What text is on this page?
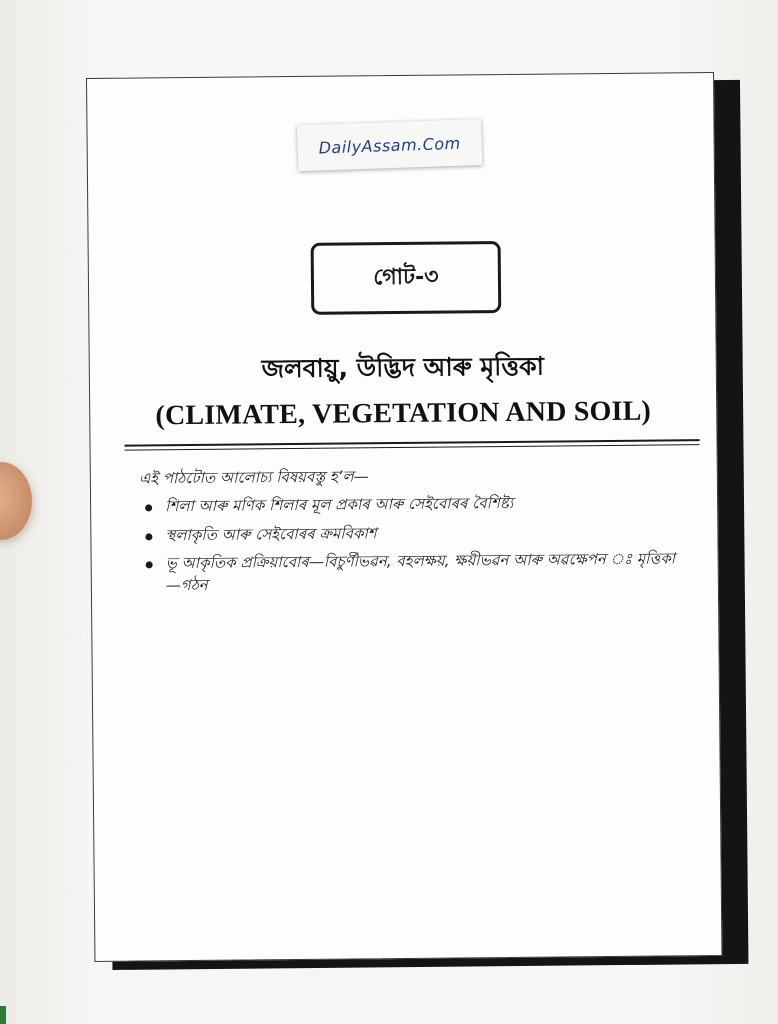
DailyAssam.Com
গোট-৩
জলবায়ু, উদ্ভিদ আৰু মৃত্তিকা
(CLIMATE, VEGETATION AND SOIL)

এই পাঠটোত আলোচ্য বিষয়বস্তু হ’ল—

শিলা আৰু মণিক শিলাৰ মূল প্ৰকাৰ আৰু সেইবোৰৰ বৈশিষ্ট্য
স্থলাকৃতি আৰু সেইবোৰৰ ক্ৰমবিকাশ
ভূ আকৃতিক প্ৰক্ৰিয়াবোৰ—বিচুৰ্ণীভৱন, বহলক্ষয়, ক্ষয়ীভৱন আৰু অৱক্ষেপন ঃ মৃত্তিকা—গঠন
